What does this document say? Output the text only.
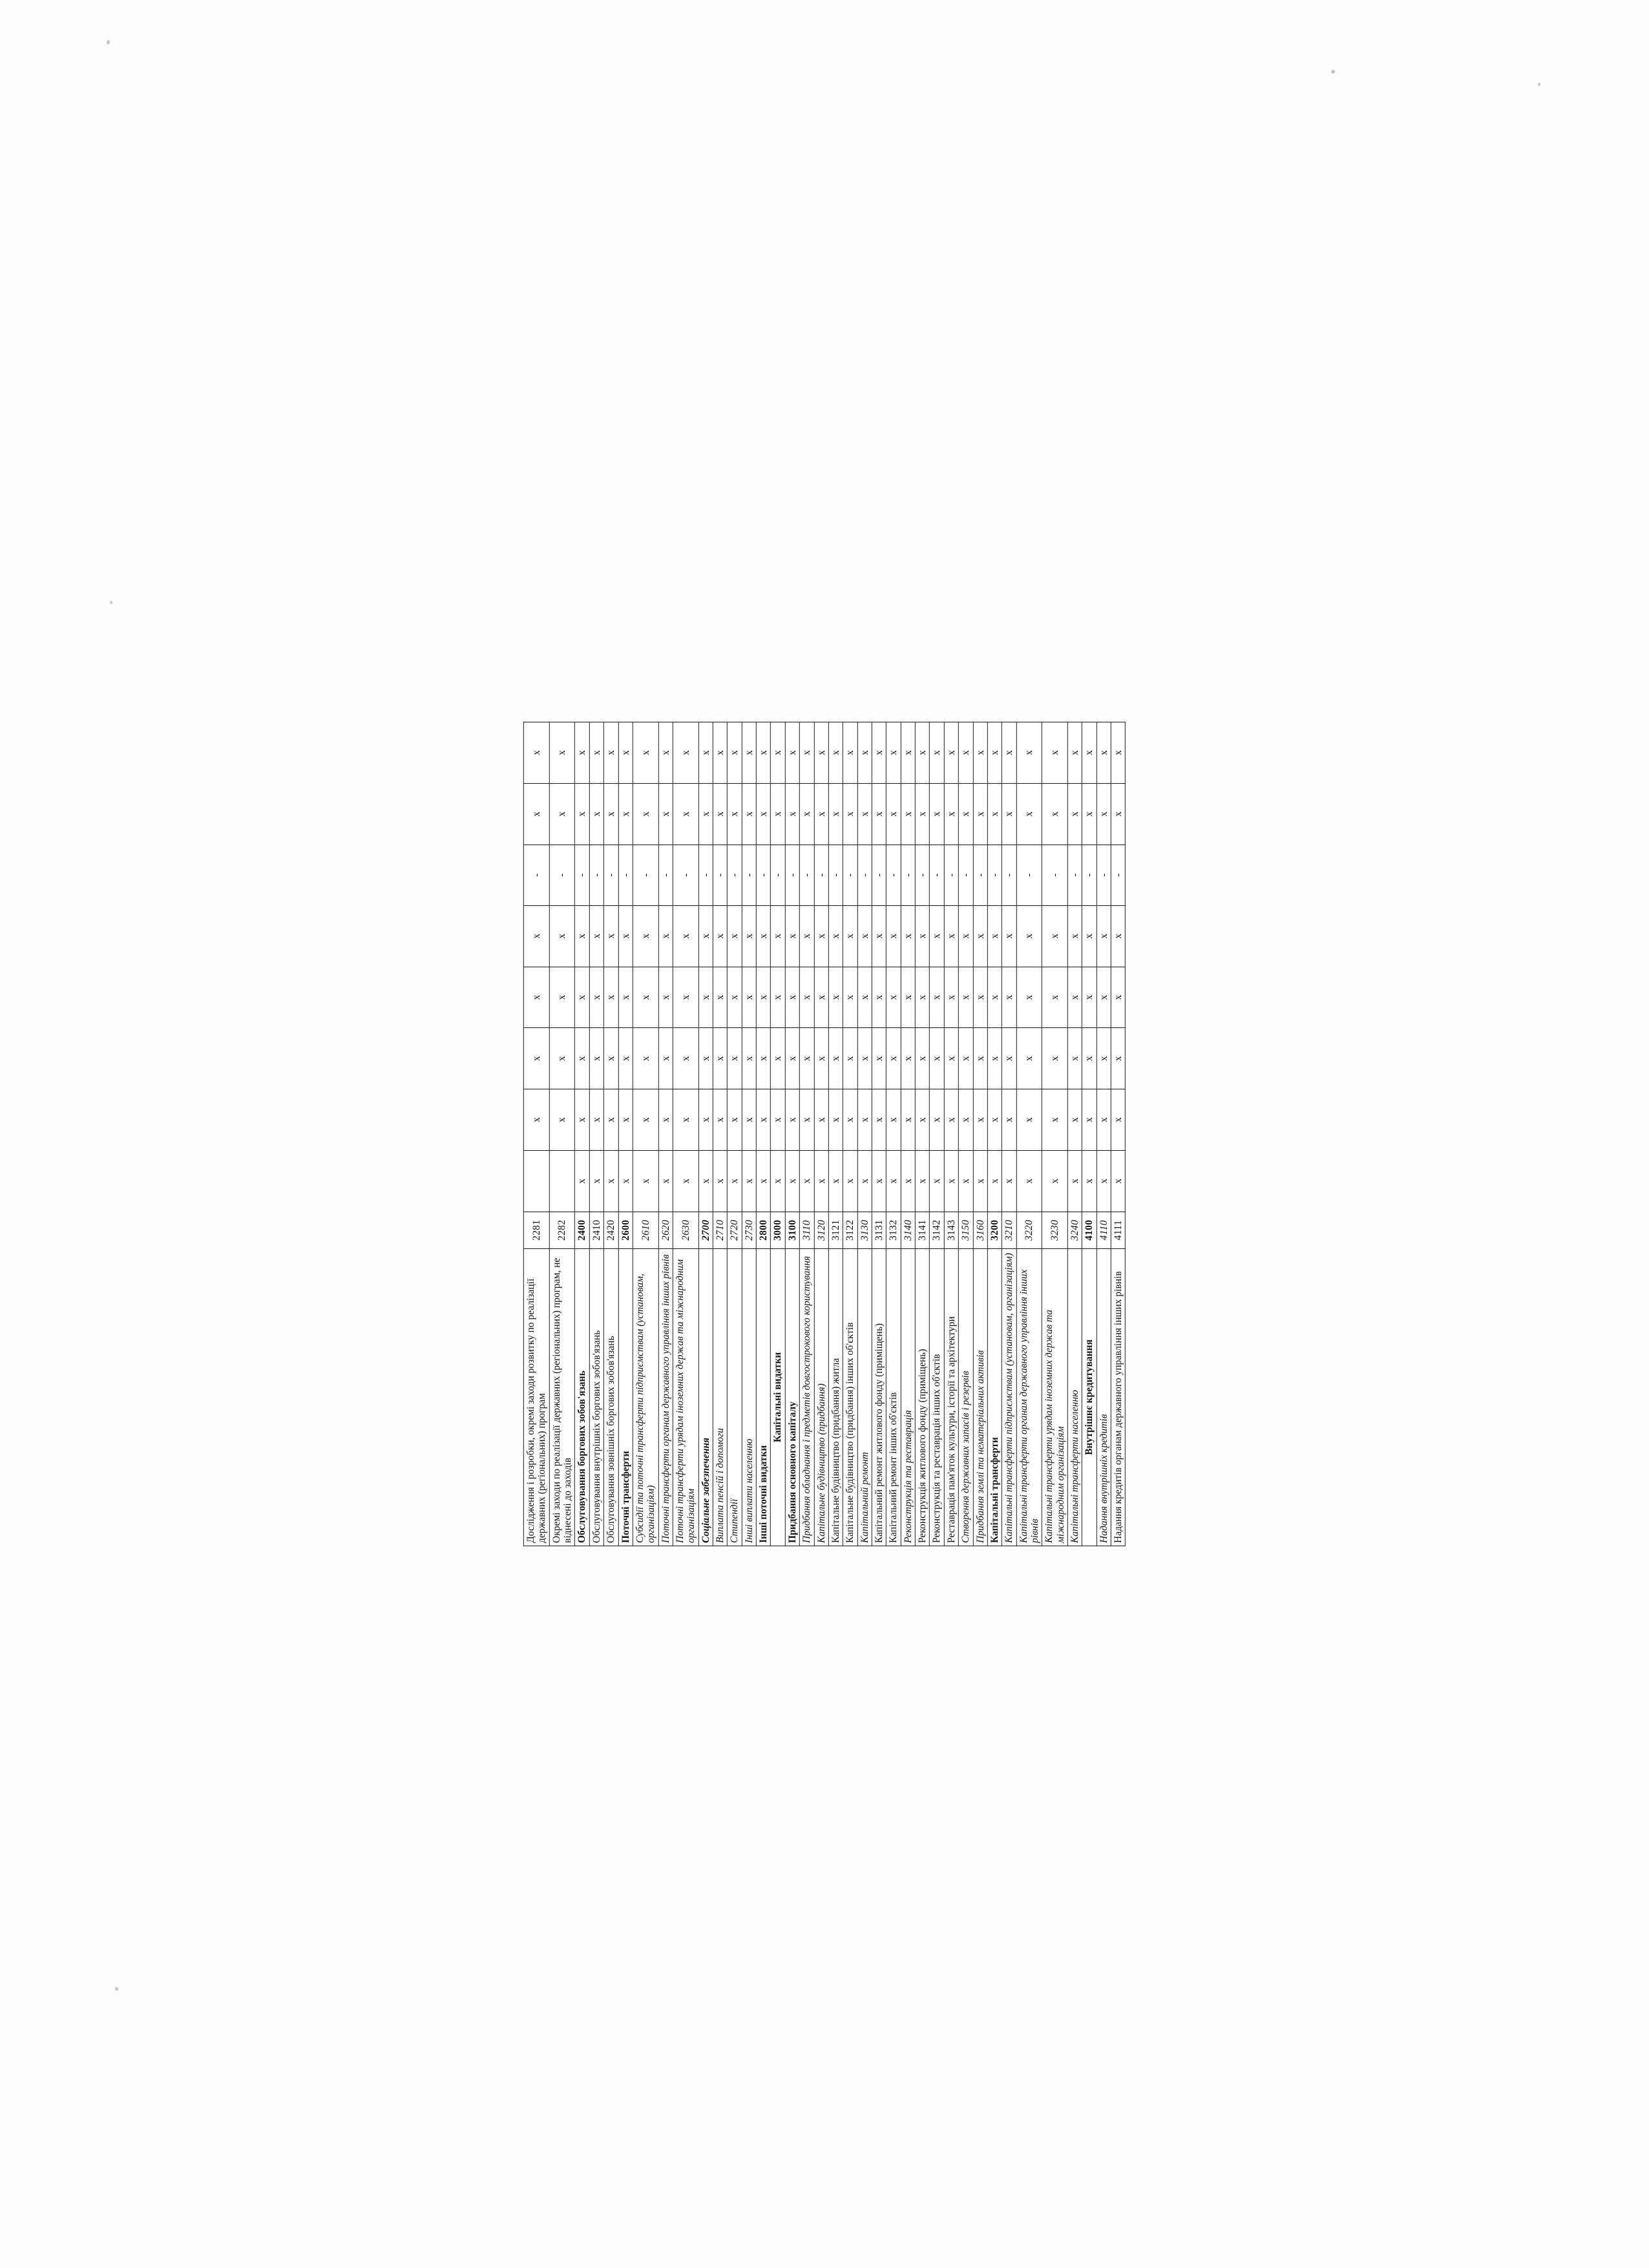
Дослідження і розробки, окремі заходи розвитку по реалізації державних (регіональних) програм	2281		x	x	x	x	-	x	x
Окремі заходи по реалізації державних (регіональних) програм, не віднесені до заходів	2282		x	x	x	x	-	x	x
Обслуговування боргових зобов'язань	2400	x	x	x	x	x	-	x	x
Обслуговування внутрішніх боргових зобов'язань	2410	x	x	x	x	x	-	x	x
Обслуговування зовнішніх боргових зобов'язань	2420	x	x	x	x	x	-	x	x
Поточні трансферти	2600	x	x	x	x	x	-	x	x
Субсидії та поточні трансферти підприємствам (установам, організаціям)	2610	x	x	x	x	x	-	x	x
Поточні трансферти органам державного управління інших рівнів	2620	x	x	x	x	x	-	x	x
Поточні трансферти урядам іноземних держав та міжнародним організаціям	2630	x	x	x	x	x	-	x	x
Соціальне забезпечення	2700	x	x	x	x	x	-	x	x
Виплата пенсій і допомоги	2710	x	x	x	x	x	-	x	x
Стипендії	2720	x	x	x	x	x	-	x	x
Інші виплати населенню	2730	x	x	x	x	x	-	x	x
Інші поточні видатки	2800	x	x	x	x	x	-	x	x
Капітальні видатки	3000	x	x	x	x	x	-	x	x
Придбання основного капіталу	3100	x	x	x	x	x	-	x	x
Придбання обладнання і предметів довгострокового користування	3110	x	x	x	x	x	-	x	x
Капітальне будівництво (придбання)	3120	x	x	x	x	x	-	x	x
Капітальне будівництво (придбання) житла	3121	x	x	x	x	x	-	x	x
Капітальне будівництво (придбання) інших об'єктів	3122	x	x	x	x	x	-	x	x
Капітальний ремонт	3130	x	x	x	x	x	-	x	x
Капітальний ремонт житлового фонду (приміщень)	3131	x	x	x	x	x	-	x	x
Капітальний ремонт інших об'єктів	3132	x	x	x	x	x	-	x	x
Реконструкція та реставрація	3140	x	x	x	x	x	-	x	x
Реконструкція житлового фонду (приміщень)	3141	x	x	x	x	x	-	x	x
Реконструкція та реставрація інших об'єктів	3142	x	x	x	x	x	-	x	x
Реставрація пам'яток культури, історії та архітектури	3143	x	x	x	x	x	-	x	x
Створення державних запасів і резервів	3150	x	x	x	x	x	-	x	x
Придбання землі та нематеріальних активів	3160	x	x	x	x	x	-	x	x
Капітальні трансферти	3200	x	x	x	x	x	-	x	x
Капітальні трансферти підприємствам (установам, організаціям)	3210	x	x	x	x	x	-	x	x
Капітальні трансферти органам державного управління інших рівнів	3220	x	x	x	x	x	-	x	x
Капітальні трансферти урядам іноземних держав та міжнародним організаціям	3230	x	x	x	x	x	-	x	x
Капітальні трансферти населенню	3240	x	x	x	x	x	-	x	x
Внутрішнє кредитування	4100	x	x	x	x	x	-	x	x
Надання внутрішніх кредитів	4110	x	x	x	x	x	-	x	x
Надання кредитів органам державного управління інших рівнів	4111	x	x	x	x	x	-	x	x
